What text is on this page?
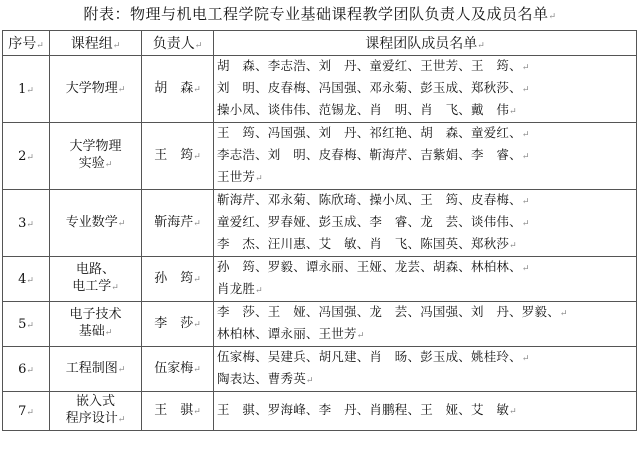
附表：物理与机电工程学院专业基础课程教学团队负责人及成员名单↵
序号↵	课程组↵	负责人↵	课程团队成员名单↵
1↵	大学物理↵	胡　森↵	胡　森、李志浩、刘　丹、童爱红、王世芳、王　筠、↵
刘　明、皮春梅、冯国强、邓永菊、彭玉成、郑秋莎、↵
操小凤、谈伟伟、范锡龙、肖　明、肖　飞、戴　伟↵

2↵	大学物理
实验↵	王　筠↵	王　筠、冯国强、刘　丹、祁红艳、胡　森、童爱红、↵
李志浩、刘　明、皮春梅、靳海芹、吉紫娟、李　睿、↵
王世芳↵

3↵	专业数学↵	靳海芹↵	靳海芹、邓永菊、陈欣琦、操小凤、王　筠、皮春梅、↵
童爱红、罗春娅、彭玉成、李　睿、龙　芸、谈伟伟、↵
李　杰、汪川惠、艾　敏、肖　飞、陈国英、郑秋莎↵

4↵	电路、
电工学↵	孙　筠↵	孙　筠、罗毅、谭永丽、王娅、龙芸、胡森、林柏林、↵
肖龙胜↵

5↵	电子技术
基础↵	李　莎↵	李　莎、王　娅、冯国强、龙　芸、冯国强、刘　丹、罗毅、↵
林柏林、谭永丽、王世芳↵

6↵	工程制图↵	伍家梅↵	伍家梅、吴建兵、胡凡建、肖　旸、彭玉成、姚桂玲、↵
陶表达、曹秀英↵

7↵	嵌入式
程序设计↵	王　骐↵	王　骐、罗海峰、李　丹、肖鹏程、王　娅、艾　敏↵
